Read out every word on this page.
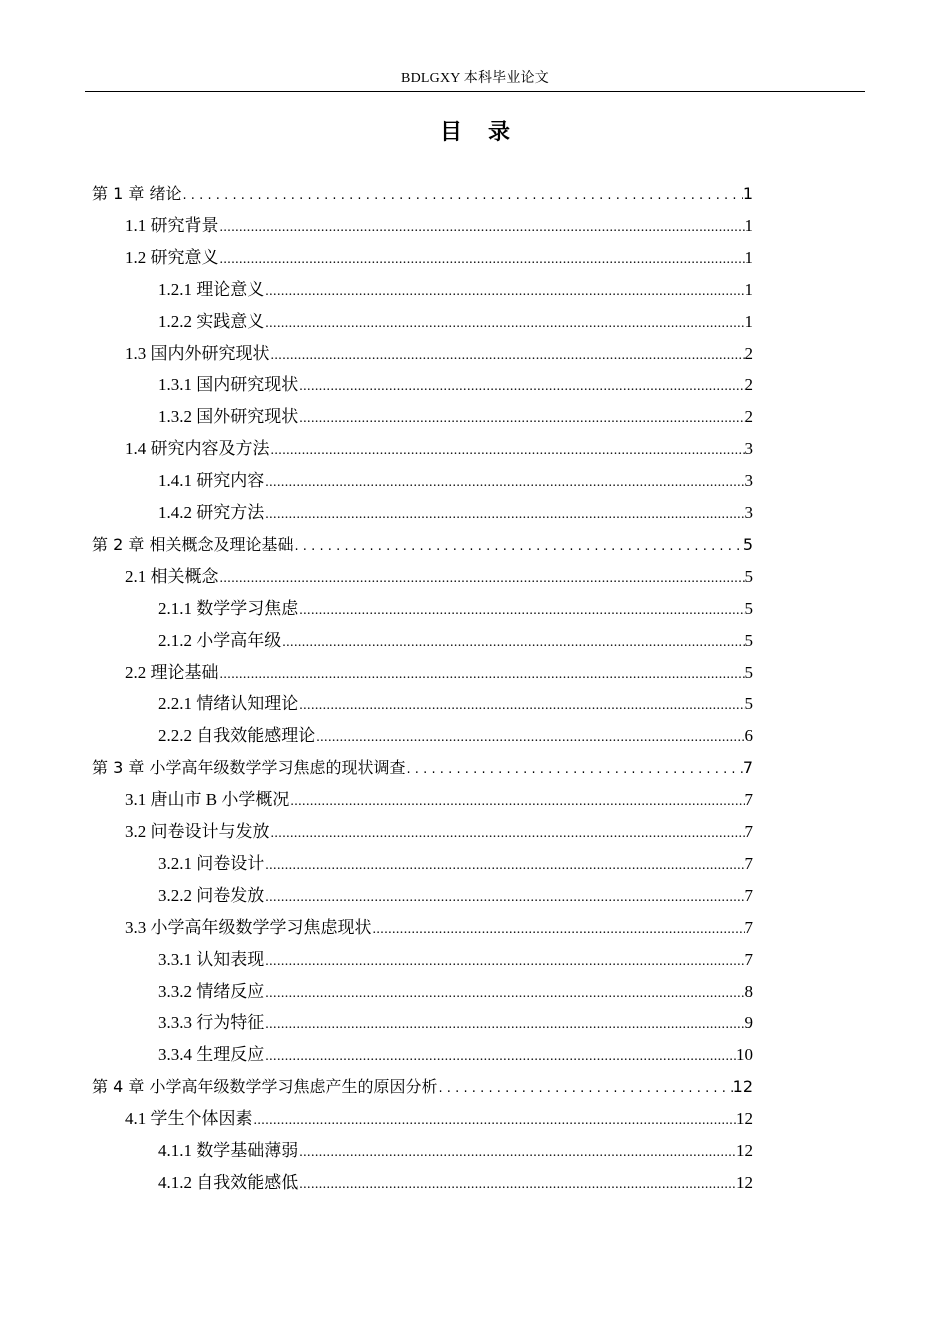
BDLGXY 本科毕业论文
目录
第 1 章 绪论 .....	1
1.1 研究背景 .....	1
1.2 研究意义 .....	1
1.2.1 理论意义 .....	1
1.2.2 实践意义 .....	1
1.3 国内外研究现状 .....	2
1.3.1 国内研究现状 .....	2
1.3.2 国外研究现状 .....	2
1.4 研究内容及方法 .....	3
1.4.1 研究内容 .....	3
1.4.2 研究方法 .....	3
第 2 章 相关概念及理论基础 .....	5
2.1 相关概念 .....	5
2.1.1 数学学习焦虑 .....	5
2.1.2 小学高年级 .....	5
2.2 理论基础 .....	5
2.2.1 情绪认知理论 .....	5
2.2.2 自我效能感理论 .....	6
第 3 章 小学高年级数学学习焦虑的现状调查 .....	7
3.1 唐山市 B 小学概况 .....	7
3.2 问卷设计与发放 .....	7
3.2.1 问卷设计 .....	7
3.2.2 问卷发放 .....	7
3.3 小学高年级数学学习焦虑现状 .....	7
3.3.1 认知表现 .....	7
3.3.2 情绪反应 .....	8
3.3.3 行为特征 .....	9
3.3.4 生理反应 .....	10
第 4 章 小学高年级数学学习焦虑产生的原因分析 .....	12
4.1 学生个体因素 .....	12
4.1.1 数学基础薄弱 .....	12
4.1.2 自我效能感低 .....	12
